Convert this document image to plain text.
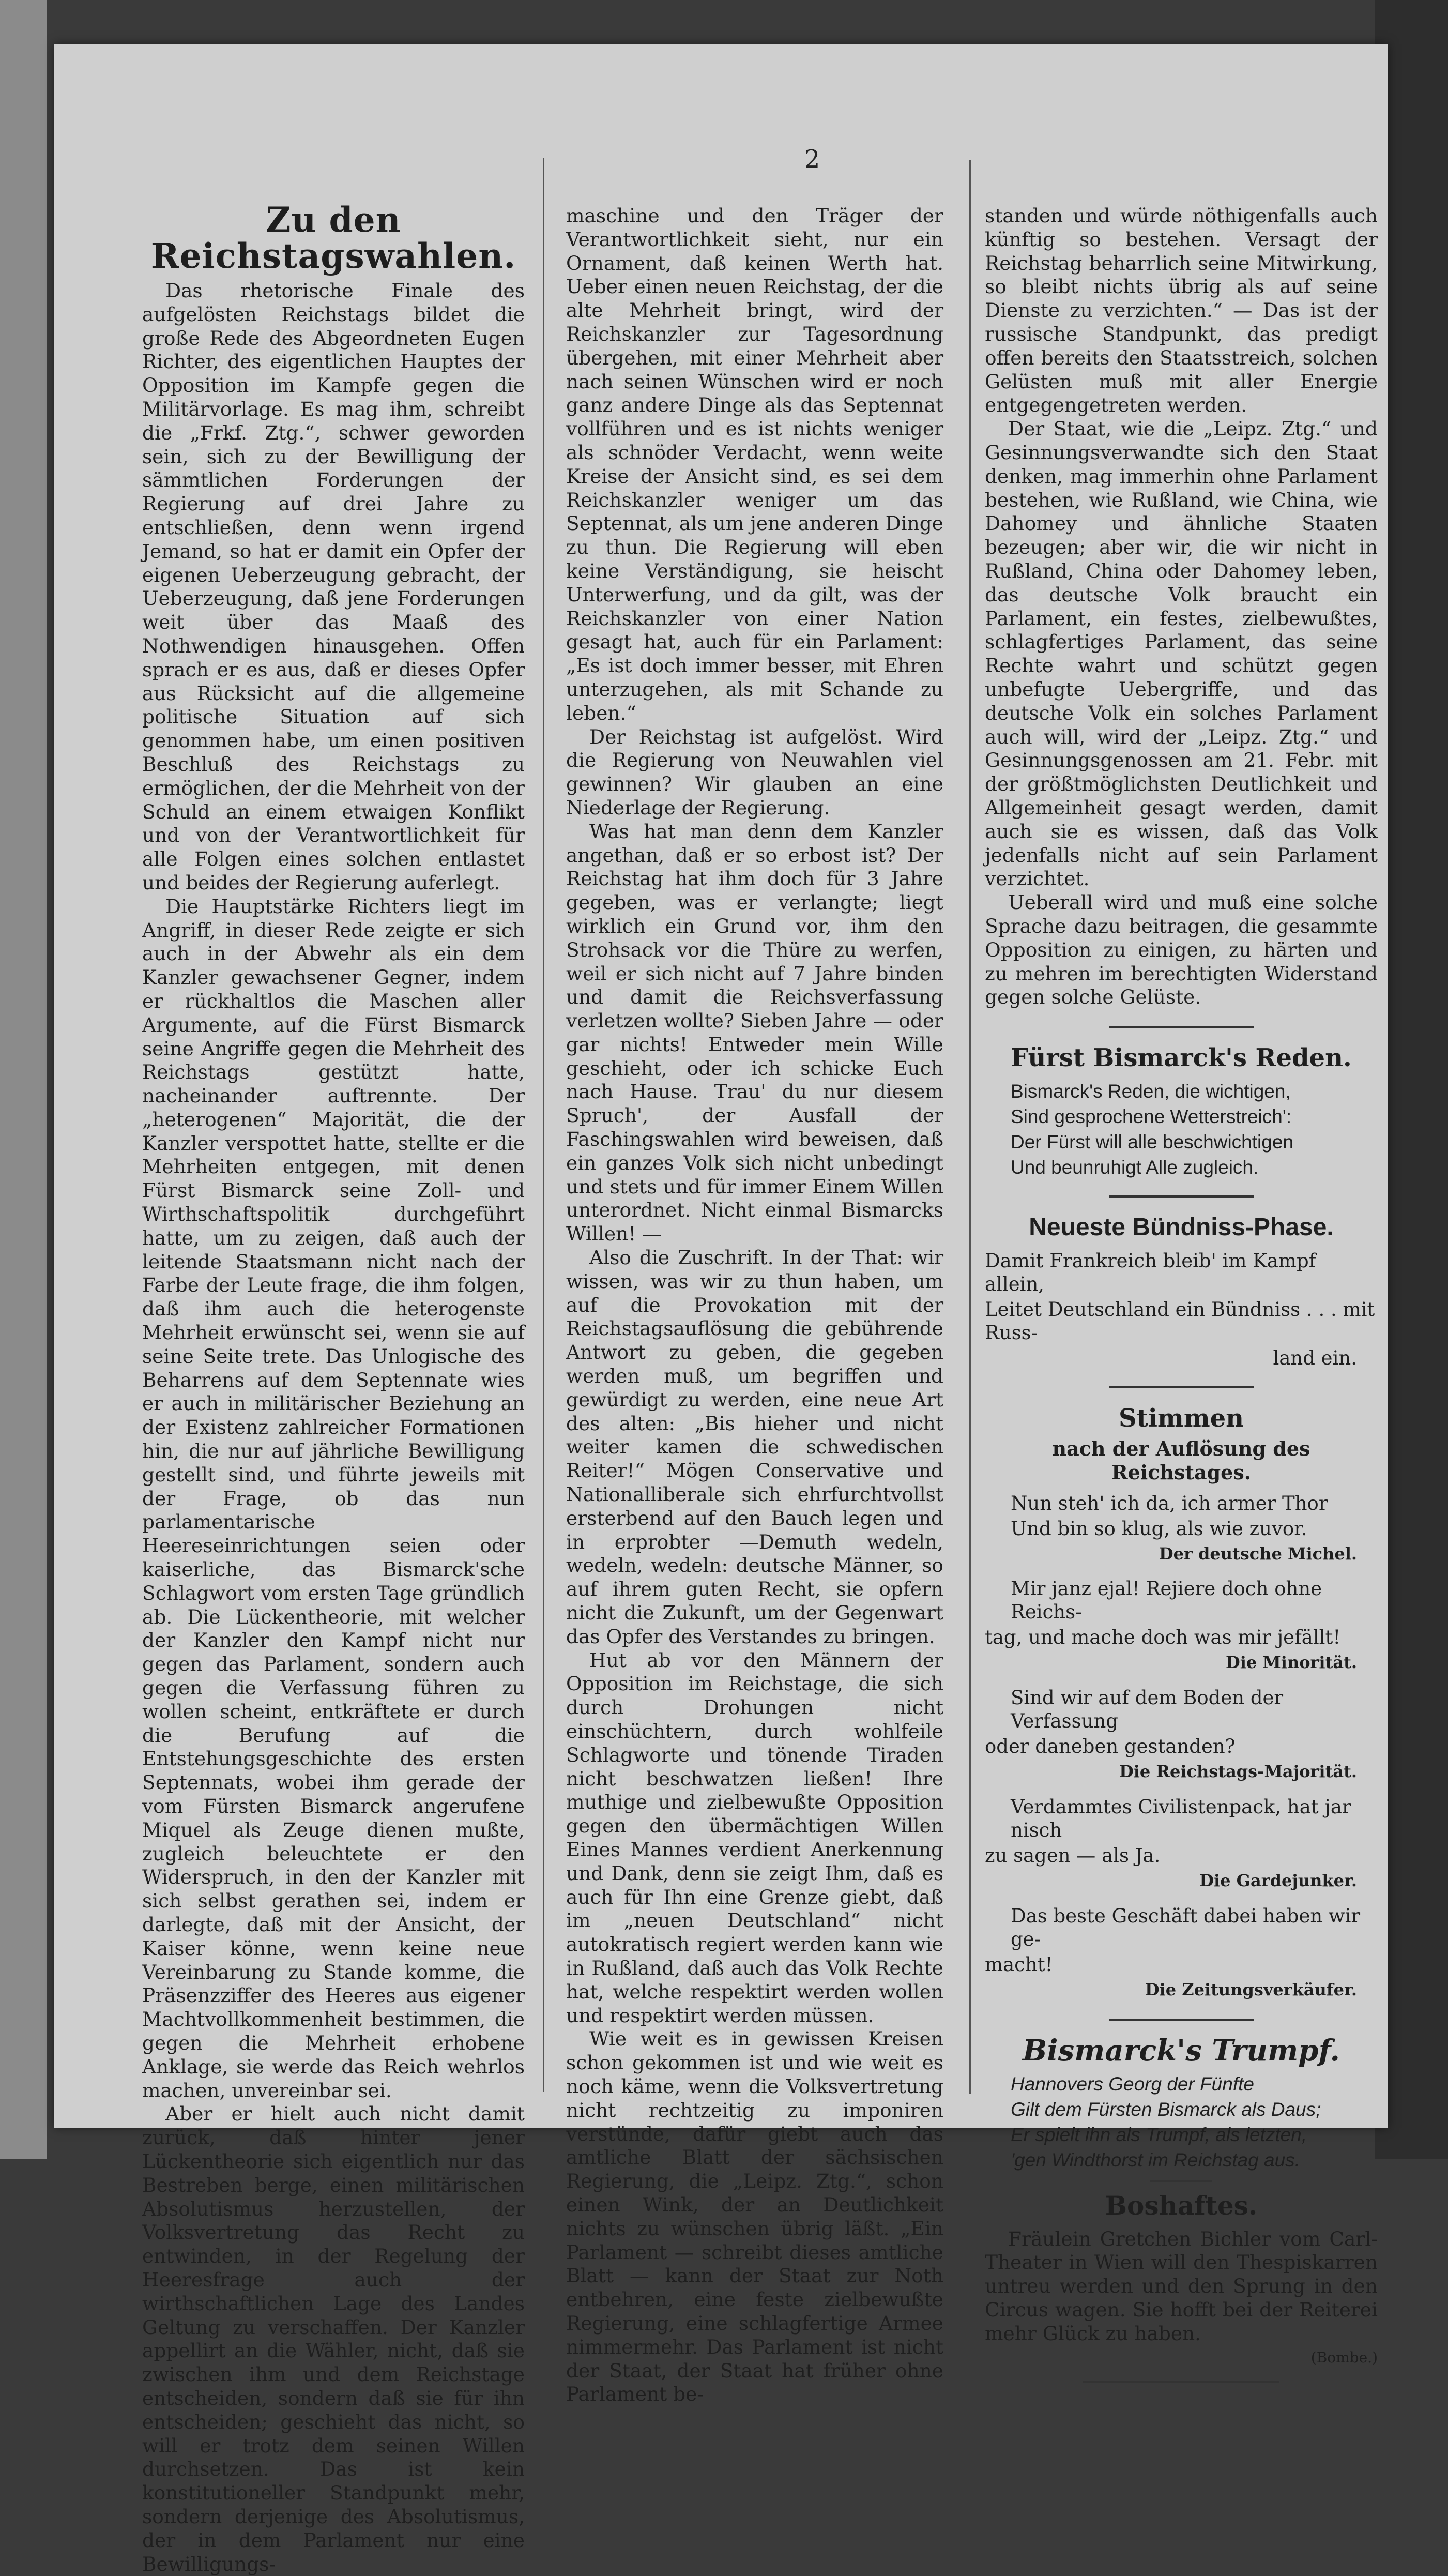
2
Zu den Reichstagswahlen.

Das rhetorische Finale des aufgelösten Reichstags bildet die große Rede des Abgeordneten Eugen Richter, des eigentlichen Hauptes der Opposition im Kampfe gegen die Militärvorlage. Es mag ihm, schreibt die „Frkf. Ztg.“, schwer geworden sein, sich zu der Bewilligung der sämmtlichen Forderungen der Regierung auf drei Jahre zu entschließen, denn wenn irgend Jemand, so hat er damit ein Opfer der eigenen Ueberzeugung gebracht, der Ueberzeugung, daß jene Forderungen weit über das Maaß des Nothwendigen hinausgehen. Offen sprach er es aus, daß er dieses Opfer aus Rücksicht auf die allgemeine politische Situation auf sich genommen habe, um einen positiven Beschluß des Reichstags zu ermöglichen, der die Mehrheit von der Schuld an einem etwaigen Konflikt und von der Verantwortlichkeit für alle Folgen eines solchen entlastet und beides der Regierung auferlegt.

Die Hauptstärke Richters liegt im Angriff, in dieser Rede zeigte er sich auch in der Abwehr als ein dem Kanzler gewachsener Gegner, indem er rückhaltlos die Maschen aller Argumente, auf die Fürst Bismarck seine Angriffe gegen die Mehrheit des Reichstags gestützt hatte, nacheinander auftrennte. Der „heterogenen“ Majorität, die der Kanzler verspottet hatte, stellte er die Mehrheiten entgegen, mit denen Fürst Bismarck seine Zoll- und Wirthschaftspolitik durchgeführt hatte, um zu zeigen, daß auch der leitende Staatsmann nicht nach der Farbe der Leute frage, die ihm folgen, daß ihm auch die heterogenste Mehrheit erwünscht sei, wenn sie auf seine Seite trete. Das Unlogische des Beharrens auf dem Septennate wies er auch in militärischer Beziehung an der Existenz zahlreicher Formationen hin, die nur auf jährliche Bewilligung gestellt sind, und führte jeweils mit der Frage, ob das nun parlamentarische Heereseinrichtungen seien oder kaiserliche, das Bismarck'sche Schlagwort vom ersten Tage gründlich ab. Die Lückentheorie, mit welcher der Kanzler den Kampf nicht nur gegen das Parlament, sondern auch gegen die Verfassung führen zu wollen scheint, entkräftete er durch die Berufung auf die Entstehungsgeschichte des ersten Septennats, wobei ihm gerade der vom Fürsten Bismarck angerufene Miquel als Zeuge dienen mußte, zugleich beleuchtete er den Widerspruch, in den der Kanzler mit sich selbst gerathen sei, indem er darlegte, daß mit der Ansicht, der Kaiser könne, wenn keine neue Vereinbarung zu Stande komme, die Präsenzziffer des Heeres aus eigener Machtvollkommenheit bestimmen, die gegen die Mehrheit erhobene Anklage, sie werde das Reich wehrlos machen, unvereinbar sei.

Aber er hielt auch nicht damit zurück, daß hinter jener Lückentheorie sich eigentlich nur das Bestreben berge, einen militärischen Absolutismus herzustellen, der Volksvertretung das Recht zu entwinden, in der Regelung der Heeresfrage auch der wirthschaftlichen Lage des Landes Geltung zu verschaffen. Der Kanzler appellirt an die Wähler, nicht, daß sie zwischen ihm und dem Reichstage entscheiden, sondern daß sie für ihn entscheiden; geschieht das nicht, so will er trotz dem seinen Willen durchsetzen. Das ist kein konstitutioneller Standpunkt mehr, sondern derjenige des Absolutismus, der in dem Parlament nur eine Bewilligungs-

maschine und den Träger der Verantwortlichkeit sieht, nur ein Ornament, daß keinen Werth hat. Ueber einen neuen Reichstag, der die alte Mehrheit bringt, wird der Reichskanzler zur Tagesordnung übergehen, mit einer Mehrheit aber nach seinen Wünschen wird er noch ganz andere Dinge als das Septennat vollführen und es ist nichts weniger als schnöder Verdacht, wenn weite Kreise der Ansicht sind, es sei dem Reichskanzler weniger um das Septennat, als um jene anderen Dinge zu thun. Die Regierung will eben keine Verständigung, sie heischt Unterwerfung, und da gilt, was der Reichskanzler von einer Nation gesagt hat, auch für ein Parlament: „Es ist doch immer besser, mit Ehren unterzugehen, als mit Schande zu leben.“

Der Reichstag ist aufgelöst. Wird die Regierung von Neuwahlen viel gewinnen? Wir glauben an eine Niederlage der Regierung.

Was hat man denn dem Kanzler angethan, daß er so erbost ist? Der Reichstag hat ihm doch für 3 Jahre gegeben, was er verlangte; liegt wirklich ein Grund vor, ihm den Strohsack vor die Thüre zu werfen, weil er sich nicht auf 7 Jahre binden und damit die Reichsverfassung verletzen wollte? Sieben Jahre — oder gar nichts! Entweder mein Wille geschieht, oder ich schicke Euch nach Hause. Trau' du nur diesem Spruch', der Ausfall der Faschingswahlen wird beweisen, daß ein ganzes Volk sich nicht unbedingt und stets und für immer Einem Willen unterordnet. Nicht einmal Bismarcks Willen! —

Also die Zuschrift. In der That: wir wissen, was wir zu thun haben, um auf die Provokation mit der Reichstagsauflösung die gebührende Antwort zu geben, die gegeben werden muß, um begriffen und gewürdigt zu werden, eine neue Art des alten: „Bis hieher und nicht weiter kamen die schwedischen Reiter!“ Mögen Conservative und Nationalliberale sich ehrfurchtvollst ersterbend auf den Bauch legen und in erprobter —Demuth wedeln, wedeln, wedeln: deutsche Männer, so auf ihrem guten Recht, sie opfern nicht die Zukunft, um der Gegenwart das Opfer des Verstandes zu bringen.

Hut ab vor den Männern der Opposition im Reichstage, die sich durch Drohungen nicht einschüchtern, durch wohlfeile Schlagworte und tönende Tiraden nicht beschwatzen ließen! Ihre muthige und zielbewußte Opposition gegen den übermächtigen Willen Eines Mannes verdient Anerkennung und Dank, denn sie zeigt Ihm, daß es auch für Ihn eine Grenze giebt, daß im „neuen Deutschland“ nicht autokratisch regiert werden kann wie in Rußland, daß auch das Volk Rechte hat, welche respektirt werden wollen und respektirt werden müssen.

Wie weit es in gewissen Kreisen schon gekommen ist und wie weit es noch käme, wenn die Volksvertretung nicht rechtzeitig zu imponiren verstünde, dafür giebt auch das amtliche Blatt der sächsischen Regierung, die „Leipz. Ztg.“, schon einen Wink, der an Deutlichkeit nichts zu wünschen übrig läßt. „Ein Parlament — schreibt dieses amtliche Blatt — kann der Staat zur Noth entbehren, eine feste zielbewußte Regierung, eine schlagfertige Armee nimmermehr. Das Parlament ist nicht der Staat, der Staat hat früher ohne Parlament be-

standen und würde nöthigenfalls auch künftig so bestehen. Versagt der Reichstag beharrlich seine Mitwirkung, so bleibt nichts übrig als auf seine Dienste zu verzichten.“ — Das ist der russische Standpunkt, das predigt offen bereits den Staatsstreich, solchen Gelüsten muß mit aller Energie entgegengetreten werden.

Der Staat, wie die „Leipz. Ztg.“ und Gesinnungsverwandte sich den Staat denken, mag immerhin ohne Parlament bestehen, wie Rußland, wie China, wie Dahomey und ähnliche Staaten bezeugen; aber wir, die wir nicht in Rußland, China oder Dahomey leben, das deutsche Volk braucht ein Parlament, ein festes, zielbewußtes, schlagfertiges Parlament, das seine Rechte wahrt und schützt gegen unbefugte Uebergriffe, und das deutsche Volk ein solches Parlament auch will, wird der „Leipz. Ztg.“ und Gesinnungsgenossen am 21. Febr. mit der größtmöglichsten Deutlichkeit und Allgemeinheit gesagt werden, damit auch sie es wissen, daß das Volk jedenfalls nicht auf sein Parlament verzichtet.

Ueberall wird und muß eine solche Sprache dazu beitragen, die gesammte Opposition zu einigen, zu härten und zu mehren im berechtigten Widerstand gegen solche Gelüste.

Fürst Bismarck's Reden.
Bismarck's Reden, die wichtigen,
Sind gesprochene Wetterstreich':
Der Fürst will alle beschwichtigen
Und beunruhigt Alle zugleich.
Neueste Bündniss-Phase.
Damit Frankreich bleib' im Kampf allein,
Leitet Deutschland ein Bündniss . . . mit Russ-
land ein.
Stimmen
nach der Auflösung des Reichstages.
Nun steh' ich da, ich armer Thor
Und bin so klug, als wie zuvor.
Der deutsche Michel.
Mir janz ejal! Rejiere doch ohne Reichs-
tag, und mache doch was mir jefällt!
Die Minorität.
Sind wir auf dem Boden der Verfassung
oder daneben gestanden?
Die Reichstags-Majorität.
Verdammtes Civilistenpack, hat jar nisch
zu sagen — als Ja.
Die Gardejunker.
Das beste Geschäft dabei haben wir ge-
macht!
Die Zeitungsverkäufer.
Bismarck's Trumpf.
Hannovers Georg der Fünfte
Gilt dem Fürsten Bismarck als Daus;
Er spielt ihn als Trumpf, als letzten,
'gen Windthorst im Reichstag aus.
Boshaftes.

Fräulein Gretchen Bichler vom Carl-Theater in Wien will den Thespiskarren untreu werden und den Sprung in den Circus wagen. Sie hofft bei der Reiterei mehr Glück zu haben.

(Bombe.)
